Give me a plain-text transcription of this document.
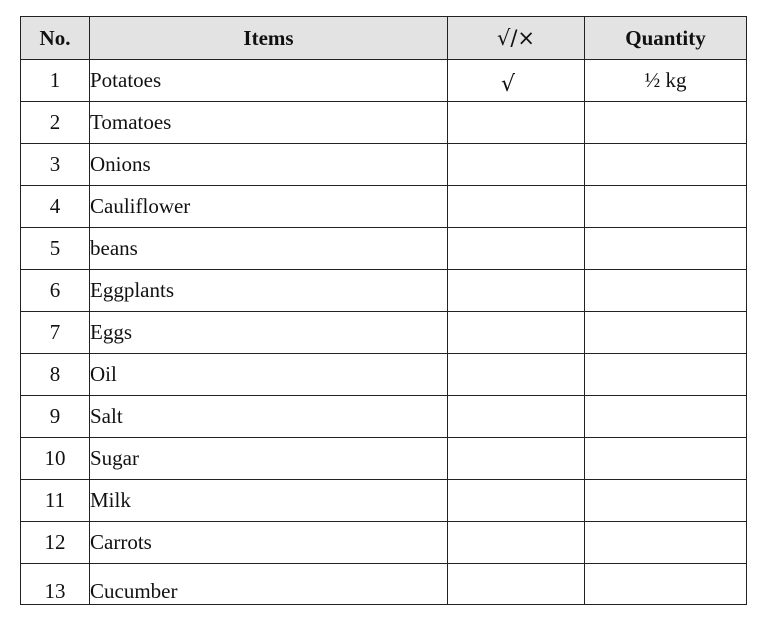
No.	Items	√/×	Quantity
1	Potatoes	√	½ kg
2	Tomatoes		
3	Onions		
4	Cauliflower		
5	beans		
6	Eggplants		
7	Eggs		
8	Oil		
9	Salt		
10	Sugar		
11	Milk		
12	Carrots		
13	Cucumber		
